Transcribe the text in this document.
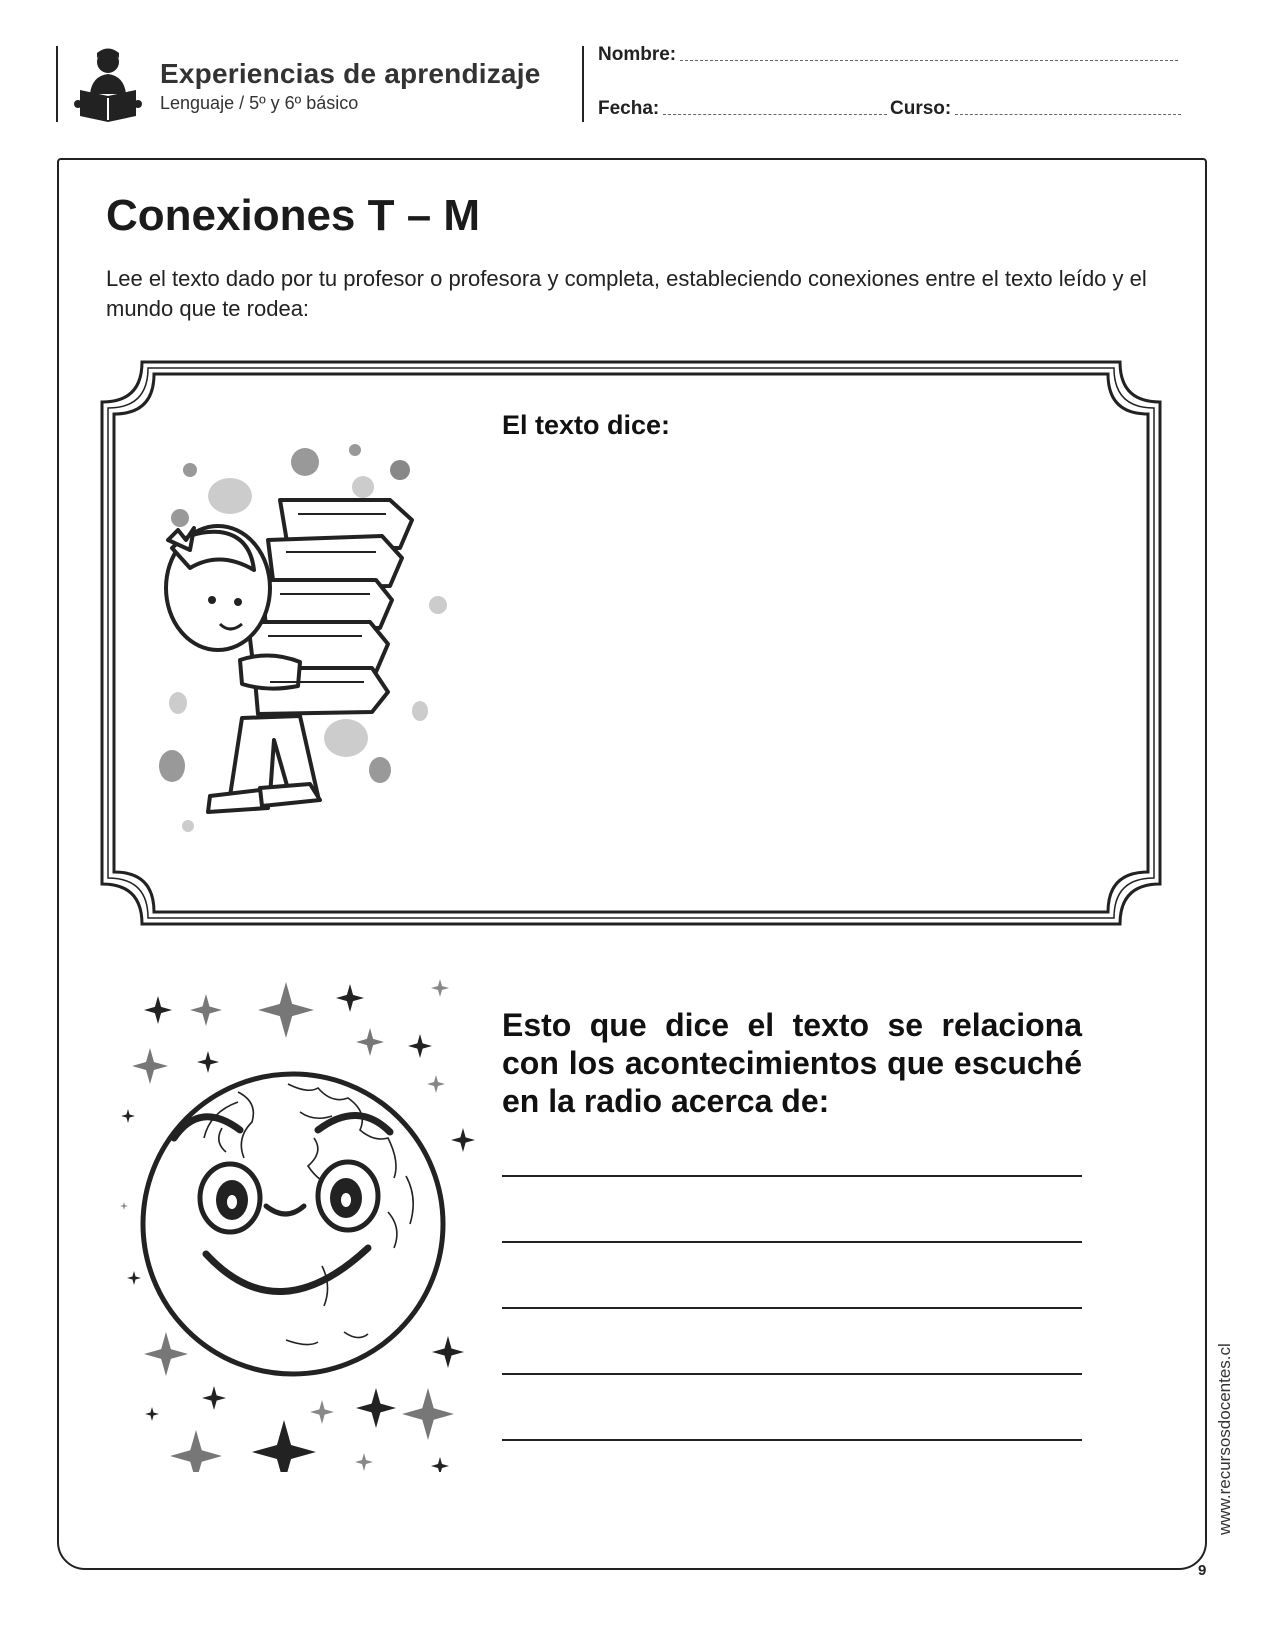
Experiencias de aprendizaje
Lenguaje / 5º y 6º básico
Nombre:
Fecha:	Curso:
Conexiones T – M
Lee el texto dado por tu profesor o profesora y completa, estableciendo conexiones entre el texto leído y el mundo que te rodea:
El texto dice:
Esto que dice el texto se relaciona con los acontecimientos que escuché en la radio acerca de:
www.recursosdocentes.cl
9
